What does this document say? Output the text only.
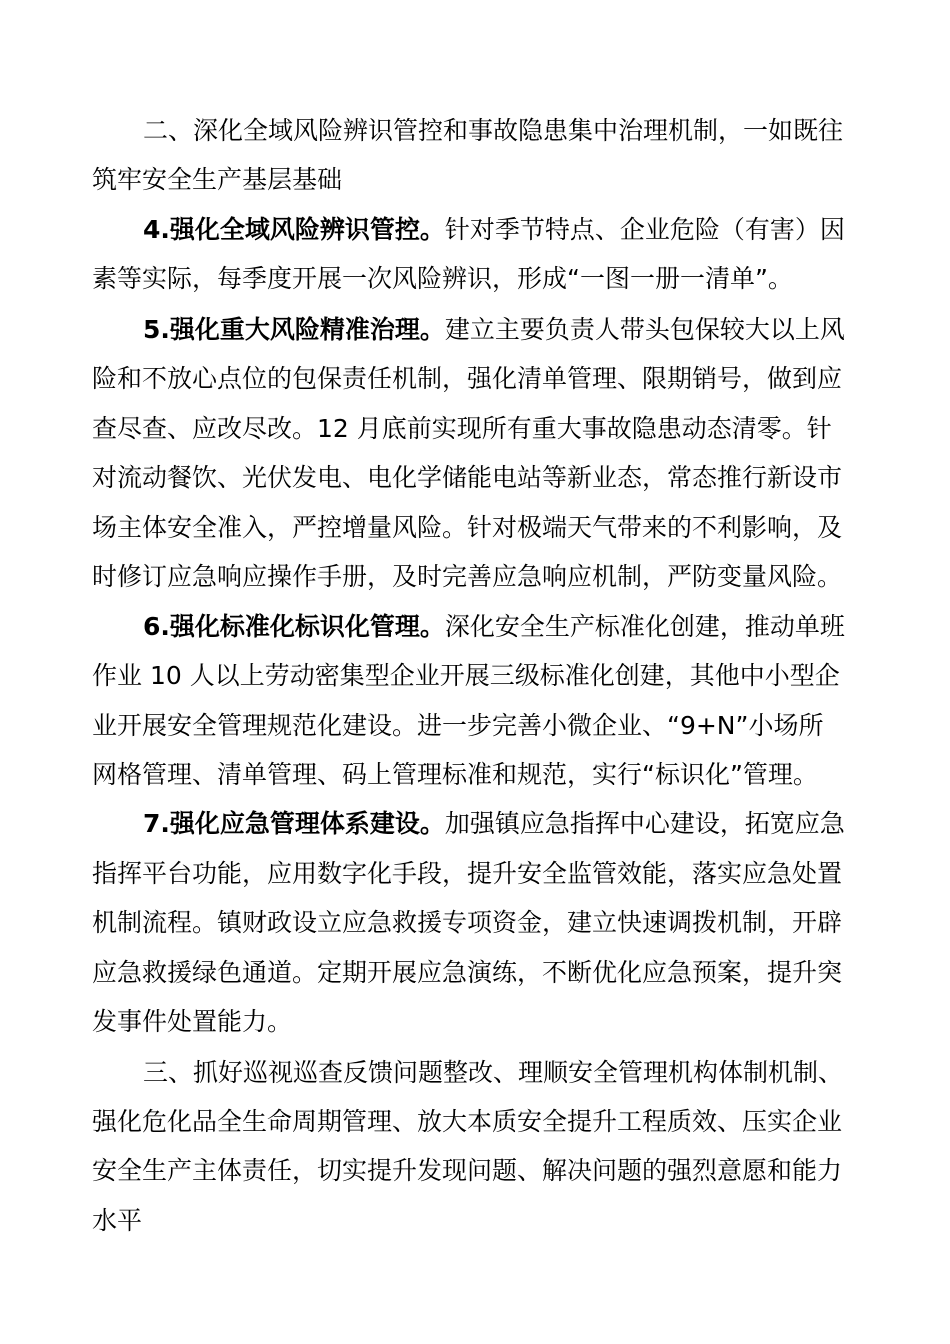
二、深化全域风险辨识管控和事故隐患集中治理机制，一如既往

筑牢安全生产基层基础

4.强化全域风险辨识管控。针对季节特点、企业危险（有害）因

素等实际，每季度开展一次风险辨识，形成“一图一册一清单”。

5.强化重大风险精准治理。建立主要负责人带头包保较大以上风

险和不放心点位的包保责任机制，强化清单管理、限期销号，做到应

查尽查、应改尽改。12 月底前实现所有重大事故隐患动态清零。针

对流动餐饮、光伏发电、电化学储能电站等新业态，常态推行新设市

场主体安全准入，严控增量风险。针对极端天气带来的不利影响，及

时修订应急响应操作手册，及时完善应急响应机制，严防变量风险。

6.强化标准化标识化管理。深化安全生产标准化创建，推动单班

作业 10 人以上劳动密集型企业开展三级标准化创建，其他中小型企

业开展安全管理规范化建设。进一步完善小微企业、“9+N”小场所

网格管理、清单管理、码上管理标准和规范，实行“标识化”管理。

7.强化应急管理体系建设。加强镇应急指挥中心建设，拓宽应急

指挥平台功能，应用数字化手段，提升安全监管效能，落实应急处置

机制流程。镇财政设立应急救援专项资金，建立快速调拨机制，开辟

应急救援绿色通道。定期开展应急演练，不断优化应急预案，提升突

发事件处置能力。

三、抓好巡视巡查反馈问题整改、理顺安全管理机构体制机制、

强化危化品全生命周期管理、放大本质安全提升工程质效、压实企业

安全生产主体责任，切实提升发现问题、解决问题的强烈意愿和能力

水平
